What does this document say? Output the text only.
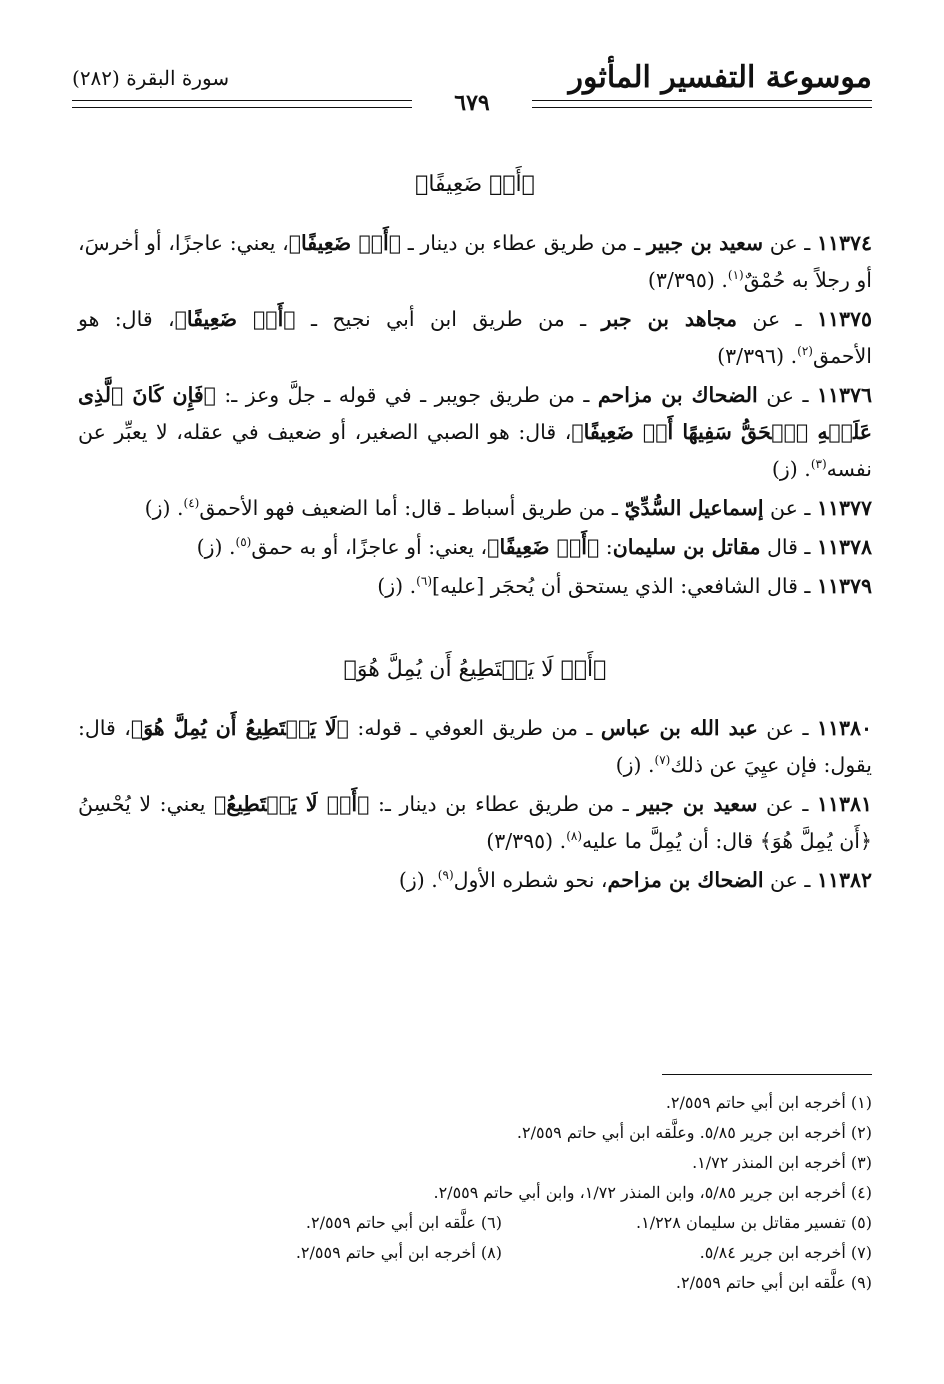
موسوعة التفسير المأثور
سورة البقرة (٢٨٢)
٦٧٩
﴿أَوۡ ضَعِيفًا﴾

١١٣٧٤ ـ عن سعيد بن جبير ـ من طريق عطاء بن دينار ـ ﴿أَوۡ ضَعِيفًا﴾، يعني: عاجزًا، أو أخرسَ، أو رجلاً به حُمْقٌ$^{(١)}$. (٣/٣٩٥)

١١٣٧٥ ـ عن مجاهد بن جبر ـ من طريق ابن أبي نجيح ـ ﴿أَوۡ ضَعِيفًا﴾، قال: هو الأحمق$^{(٢)}$. (٣/٣٩٦)

١١٣٧٦ ـ عن الضحاك بن مزاحم ـ من طريق جويبر ـ في قوله ـ جلَّ وعز ـ: ﴿فَإِن كَانَ ٱلَّذِى عَلَيۡهِ ٱلۡحَقُّ سَفِيهًا أَوۡ ضَعِيفًا﴾، قال: هو الصبي الصغير، أو ضعيف في عقله، لا يعبِّر عن نفسه$^{(٣)}$. (ز)

١١٣٧٧ ـ عن إسماعيل السُّدِّيّ ـ من طريق أسباط ـ قال: أما الضعيف فهو الأحمق$^{(٤)}$. (ز)

١١٣٧٨ ـ قال مقاتل بن سليمان: ﴿أَوۡ ضَعِيفًا﴾، يعني: أو عاجزًا، أو به حمق$^{(٥)}$. (ز)

١١٣٧٩ ـ قال الشافعي: الذي يستحق أن يُحجَر [عليه]$^{(٦)}$. (ز)

﴿أَوۡ لَا يَسۡتَطِيعُ أَن يُمِلَّ هُوَ﴾

١١٣٨٠ ـ عن عبد الله بن عباس ـ من طريق العوفي ـ قوله: ﴿لَا يَسۡتَطِيعُ أَن يُمِلَّ هُوَ﴾، قال: يقول: فإن عيِيَ عن ذلك$^{(٧)}$. (ز)

١١٣٨١ ـ عن سعيد بن جبير ـ من طريق عطاء بن دينار ـ: ﴿أَوۡ لَا يَسۡتَطِيعُ﴾ يعني: لا يُحْسِنُ ﴿أَن يُمِلَّ هُوَ﴾ قال: أن يُمِلَّ ما عليه$^{(٨)}$. (٣/٣٩٥)

١١٣٨٢ ـ عن الضحاك بن مزاحم، نحو شطره الأول$^{(٩)}$. (ز)

(١) أخرجه ابن أبي حاتم ٢/٥٥٩.
(٢) أخرجه ابن جرير ٥/٨٥. وعلَّقه ابن أبي حاتم ٢/٥٥٩.
(٣) أخرجه ابن المنذر ١/٧٢.
(٤) أخرجه ابن جرير ٥/٨٥، وابن المنذر ١/٧٢، وابن أبي حاتم ٢/٥٥٩.
(٥) تفسير مقاتل بن سليمان ١/٢٢٨.
(٦) علَّقه ابن أبي حاتم ٢/٥٥٩.
(٧) أخرجه ابن جرير ٥/٨٤.
(٨) أخرجه ابن أبي حاتم ٢/٥٥٩.
(٩) علَّقه ابن أبي حاتم ٢/٥٥٩.
